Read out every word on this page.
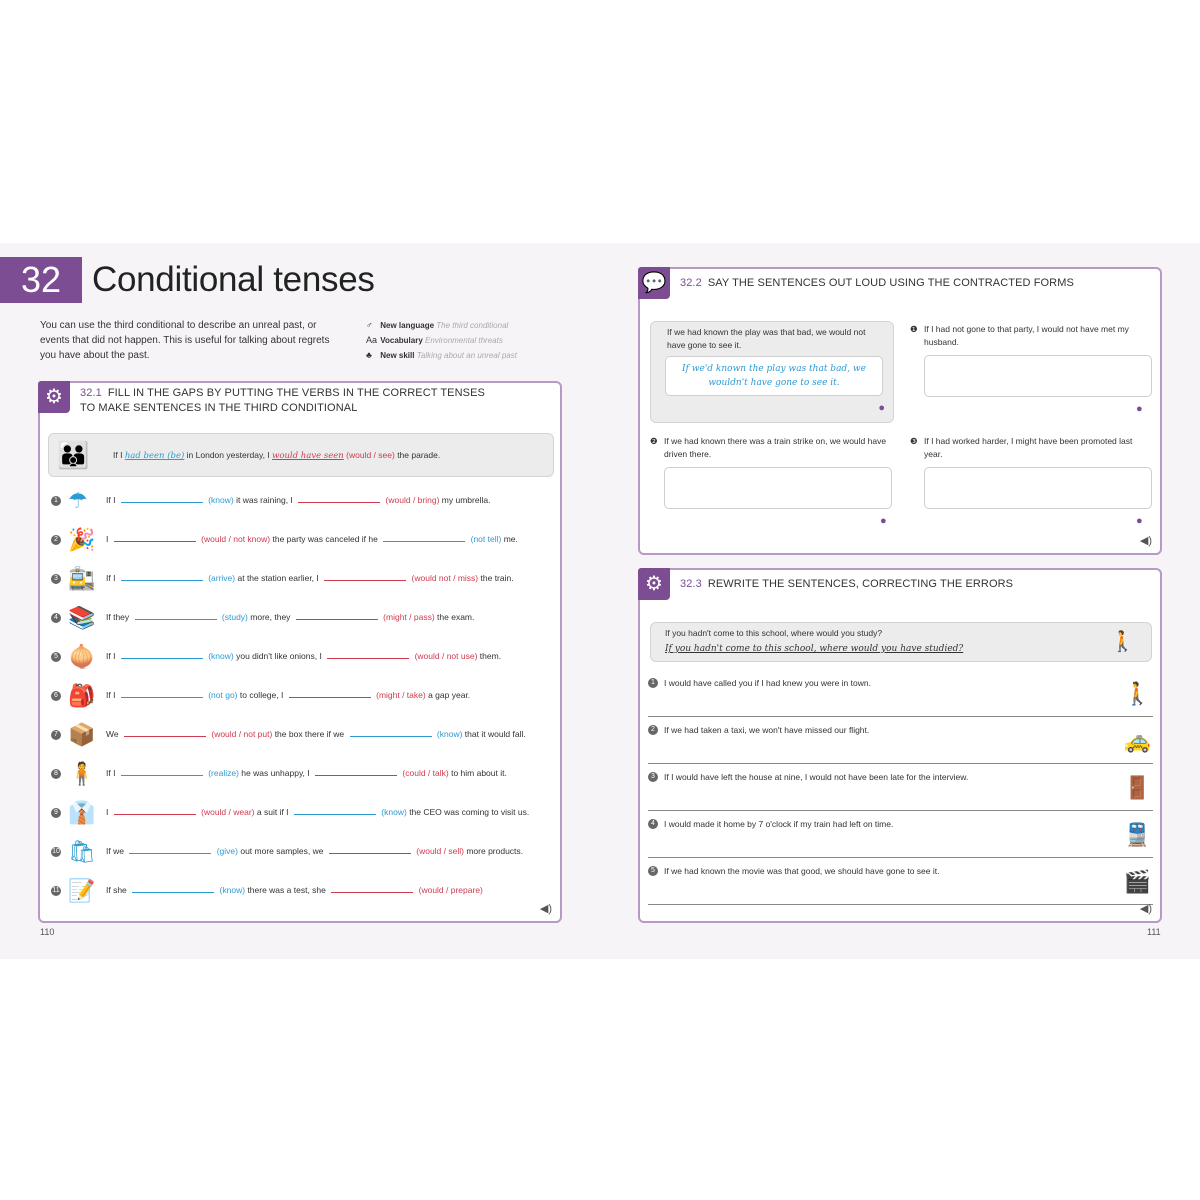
32 Conditional tenses
You can use the third conditional to describe an unreal past, or events that did not happen. This is useful for talking about regrets you have about the past.
♂ New language The third conditional
Aa Vocabulary Environmental threats
♣ New skill Talking about an unreal past
⚙	32.1 FILL IN THE GAPS BY PUTTING THE VERBS IN THE CORRECT TENSES
TO MAKE SENTENCES IN THE THIRD CONDITIONAL
👪	If I had been (be) in London yesterday, I would have seen (would / see) the parade.
1 ☂ If I	(know) it was raining, I	(would / bring) my umbrella.
2 🎉 I	(would / not know) the party was canceled if he	(not tell) me.
3 🚉 If I	(arrive) at the station earlier, I	(would not / miss) the train.
4 📚 If they	(study) more, they	(might / pass) the exam.
5 🧅 If I	(know) you didn't like onions, I	(would / not use) them.
6 🎒 If I	(not go) to college, I	(might / take) a gap year.
7 📦 We	(would / not put) the box there if we	(know) that it would fall.
8 🧍 If I	(realize) he was unhappy, I	(could / talk) to him about it.
9 👔 I	(would / wear) a suit if I	(know) the CEO was coming to visit us.
10 🛍 If we	(give) out more samples, we	(would / sell) more products.
11 📝 If she	(know) there was a test, she	(would / prepare)
◀)
💬	32.2 SAY THE SENTENCES OUT LOUD USING THE CONTRACTED FORMS
If we had known the play was that bad, we would not have gone to see it.
If we'd known the play was that bad, we wouldn't have gone to see it.
●
❶ If I had not gone to that party, I would not have met my husband.
●
❷ If we had known there was a train strike on, we would have driven there.
●
❸ If I had worked harder, I might have been promoted last year.
●
◀)
⚙	32.3 REWRITE THE SENTENCES, CORRECTING THE ERRORS
If you hadn't come to this school, where would you study?
If you hadn't come to this school, where would you have studied?	🚶
1	I would have called you if I had knew you were in town.	🚶
2	If we had taken a taxi, we won't have missed our flight.	🚕
3	If I would have left the house at nine, I would not have been late for the interview.	🚪
4	I would made it home by 7 o'clock if my train had left on time.	🚆
5	If we had known the movie was that good, we should have gone to see it.	🎬
◀)
110	111
